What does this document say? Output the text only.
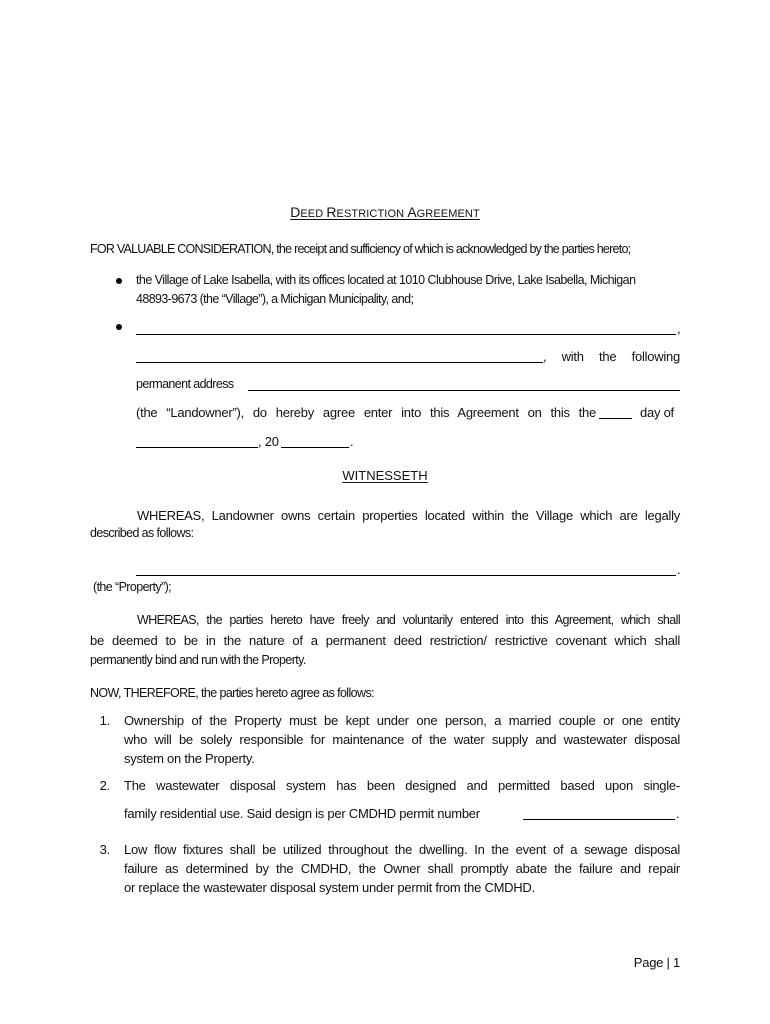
DEED RESTRICTION AGREEMENT
FOR VALUABLE CONSIDERATION, the receipt and sufficiency of which is acknowledged by the parties hereto;
the Village of Lake Isabella, with its offices located at 1010 Clubhouse Drive, Lake Isabella, Michigan
48893-9673 (the “Village”), a Michigan Municipality, and;
,
, with the following
permanent address
(the “Landowner”), do hereby agree enter into this Agreement on this the	day of
, 20	.
WITNESSETH
WHEREAS, Landowner owns certain properties located within the Village which are legally
described as follows:
.
(the “Property”);
WHEREAS, the parties hereto have freely and voluntarily entered into this Agreement, which shall
be deemed to be in the nature of a permanent deed restriction/ restrictive covenant which shall
permanently bind and run with the Property.
NOW, THEREFORE, the parties hereto agree as follows:
1. Ownership of the Property must be kept under one person, a married couple or one entity
who will be solely responsible for maintenance of the water supply and wastewater disposal
system on the Property.
2. The wastewater disposal system has been designed and permitted based upon single-
family residential use. Said design is per CMDHD permit number	.
3. Low flow fixtures shall be utilized throughout the dwelling. In the event of a sewage disposal
failure as determined by the CMDHD, the Owner shall promptly abate the failure and repair
or replace the wastewater disposal system under permit from the CMDHD.
Page | 1
